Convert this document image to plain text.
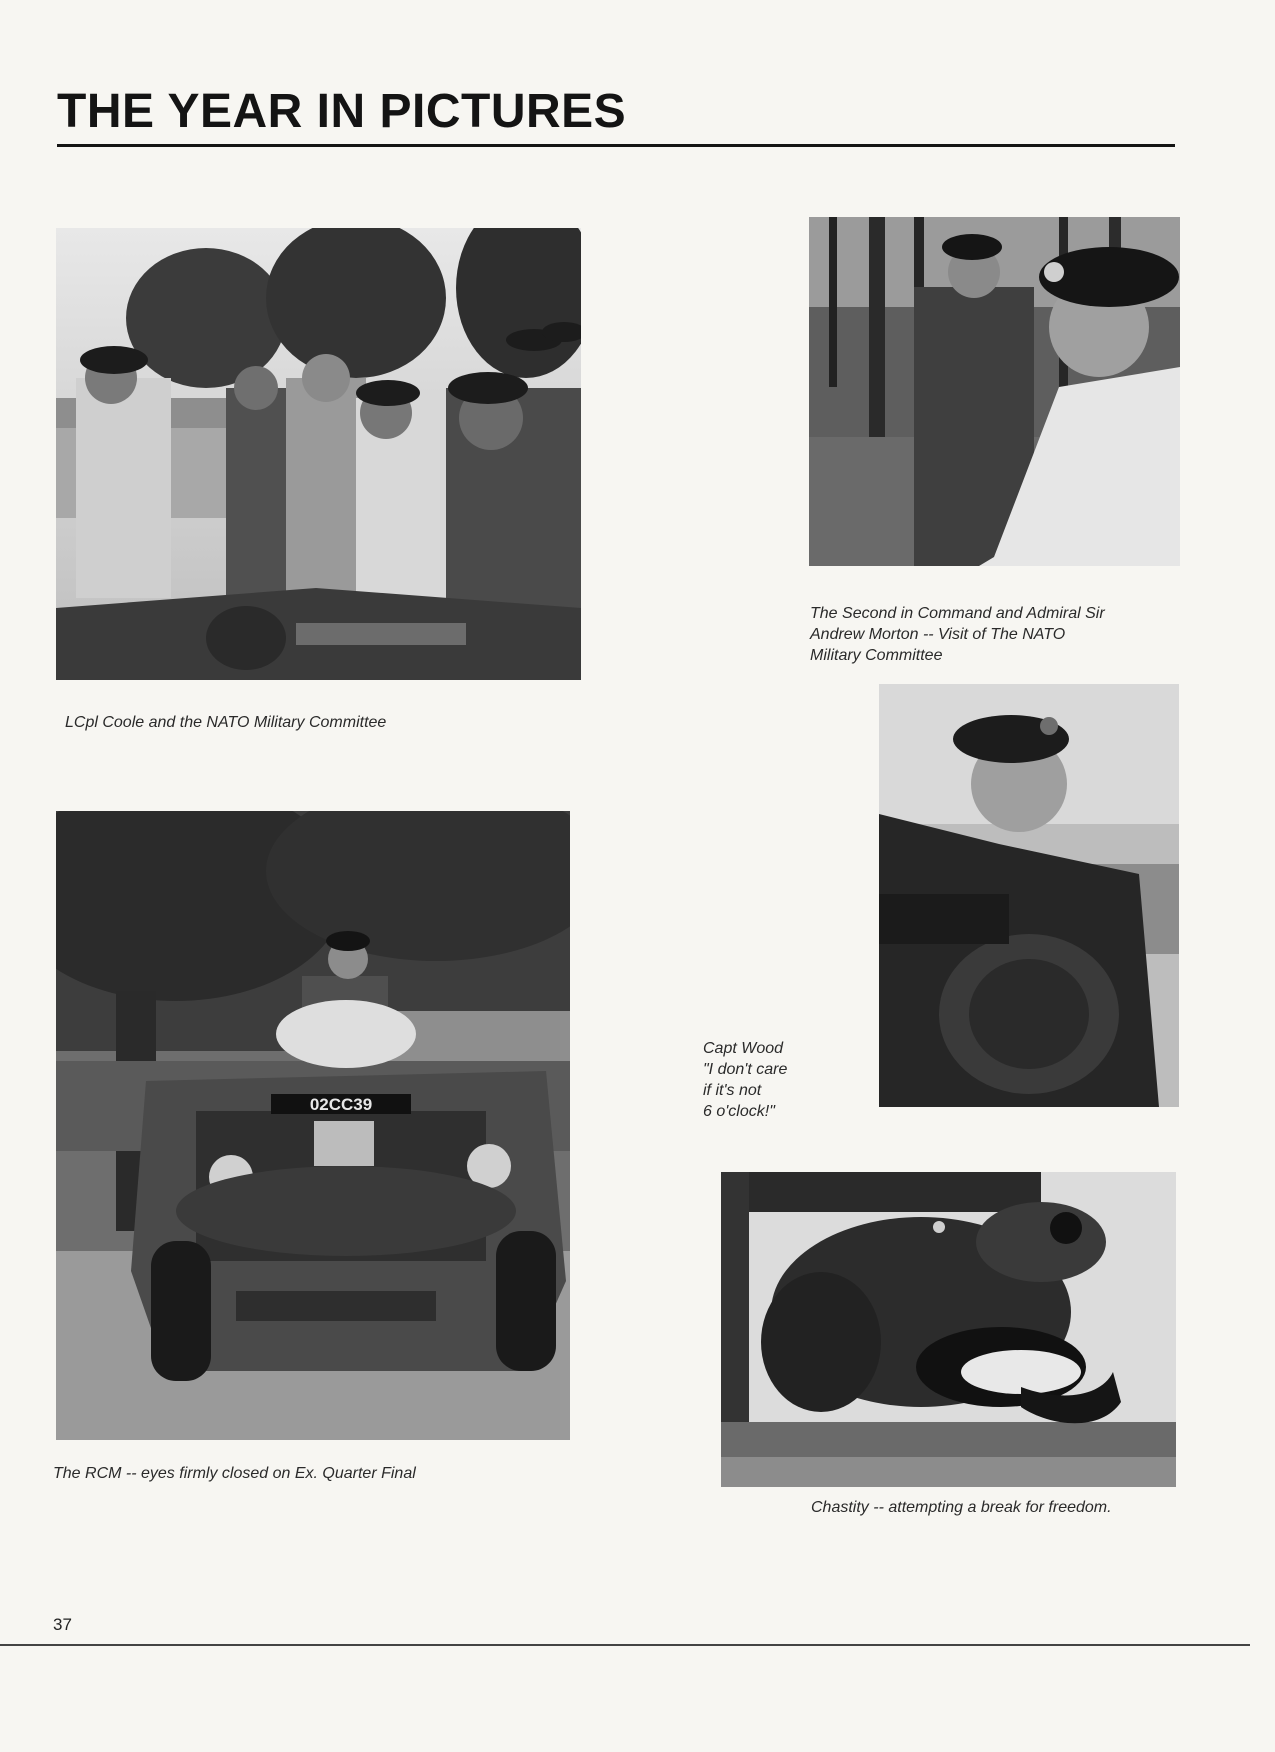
THE YEAR IN PICTURES
LCpl Coole and the NATO Military Committee
The Second in Command and Admiral Sir
Andrew Morton -- Visit of The NATO
Military Committee
Capt Wood
"I don't care
if it's not
6 o'clock!"
02CC39
The RCM -- eyes firmly closed on Ex. Quarter Final
Chastity -- attempting a break for freedom.
37
